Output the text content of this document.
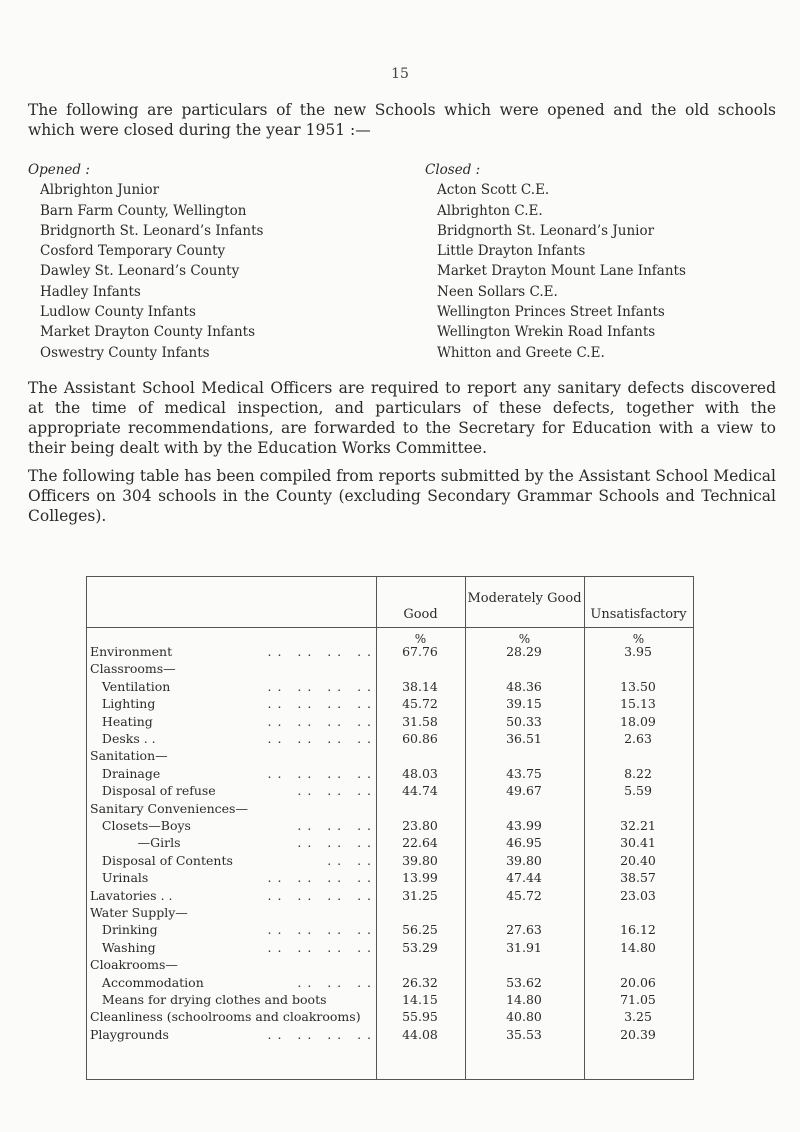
15
The following are particulars of the new Schools which were opened and the old schools which were closed during the year 1951 :—
Opened :
Albrighton Junior
Barn Farm County, Wellington
Bridgnorth St. Leonard’s Infants
Cosford Temporary County
Dawley St. Leonard’s County
Hadley Infants
Ludlow County Infants
Market Drayton County Infants
Oswestry County Infants
Closed :
Acton Scott C.E.
Albrighton C.E.
Bridgnorth St. Leonard’s Junior
Little Drayton Infants
Market Drayton Mount Lane Infants
Neen Sollars C.E.
Wellington Princes Street Infants
Wellington Wrekin Road Infants
Whitton and Greete C.E.
The Assistant School Medical Officers are required to report any sanitary defects discovered at the time of medical inspection, and particulars of these defects, together with the appropriate recommendations, are forwarded to the Secretary for Education with a view to their being dealt with by the Education Works Committee.
The following table has been compiled from reports submitted by the Assistant School Medical Officers on 304 schools in the County (excluding Secondary Grammar Schools and Technical Colleges).
Good
Moderately Good
Unsatisfactory
%	%	%
Environment	. .   . .   . .   . .	67.76	28.29	3.95
Classrooms—
Ventilation	. .   . .   . .   . .	38.14	48.36	13.50
Lighting	. .   . .   . .   . .	45.72	39.15	15.13
Heating	. .   . .   . .   . .	31.58	50.33	18.09
Desks . .	. .   . .   . .   . .	60.86	36.51	2.63
Sanitation—
Drainage	. .   . .   . .   . .	48.03	43.75	8.22
Disposal of refuse	. .   . .   . .	44.74	49.67	5.59
Sanitary Conveniences—
Closets—Boys	. .   . .   . .	23.80	43.99	32.21
—Girls	. .   . .   . .	22.64	46.95	30.41
Disposal of Contents	. .   . .	39.80	39.80	20.40
Urinals	. .   . .   . .   . .	13.99	47.44	38.57
Lavatories . .	. .   . .   . .   . .	31.25	45.72	23.03
Water Supply—
Drinking	. .   . .   . .   . .	56.25	27.63	16.12
Washing	. .   . .   . .   . .	53.29	31.91	14.80
Cloakrooms—
Accommodation	. .   . .   . .	26.32	53.62	20.06
Means for drying clothes and boots	14.15	14.80	71.05
Cleanliness (schoolrooms and cloakrooms)	55.95	40.80	3.25
Playgrounds	. .   . .   . .   . .	44.08	35.53	20.39
